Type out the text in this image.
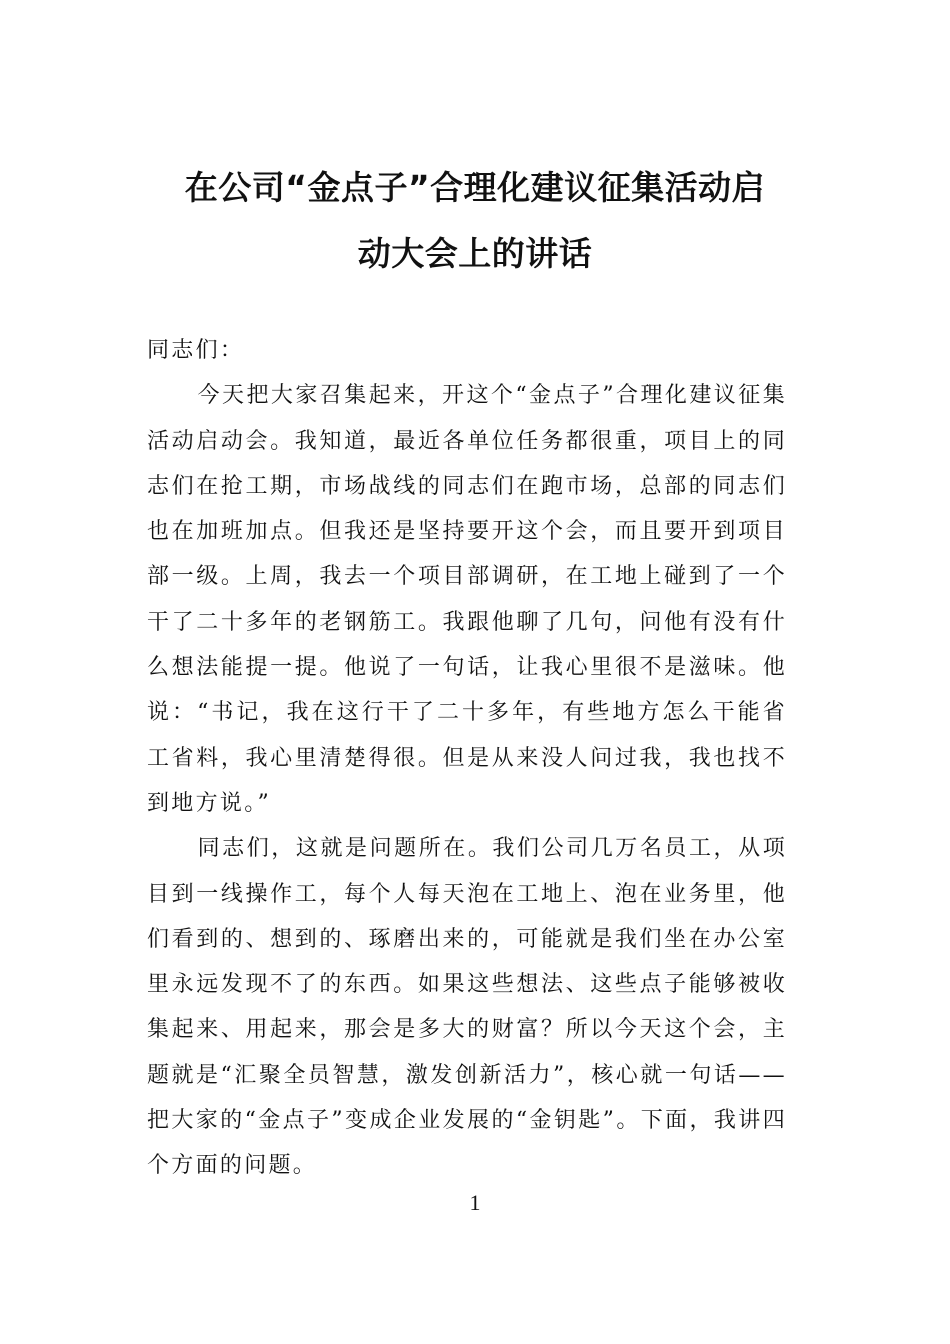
在公司“金点子”合理化建议征集活动启
动大会上的讲话

同志们：

今天把大家召集起来，开这个“金点子”合理化建议征集活动启动会。我知道，最近各单位任务都很重，项目上的同志们在抢工期，市场战线的同志们在跑市场，总部的同志们也在加班加点。但我还是坚持要开这个会，而且要开到项目部一级。上周，我去一个项目部调研，在工地上碰到了一个干了二十多年的老钢筋工。我跟他聊了几句，问他有没有什么想法能提一提。他说了一句话，让我心里很不是滋味。他说：“书记，我在这行干了二十多年，有些地方怎么干能省工省料，我心里清楚得很。但是从来没人问过我，我也找不到地方说。”

同志们，这就是问题所在。我们公司几万名员工，从项目到一线操作工，每个人每天泡在工地上、泡在业务里，他们看到的、想到的、琢磨出来的，可能就是我们坐在办公室里永远发现不了的东西。如果这些想法、这些点子能够被收集起来、用起来，那会是多大的财富？所以今天这个会，主题就是“汇聚全员智慧，激发创新活力”，核心就一句话——把大家的“金点子”变成企业发展的“金钥匙”。下面，我讲四个方面的问题。

1
